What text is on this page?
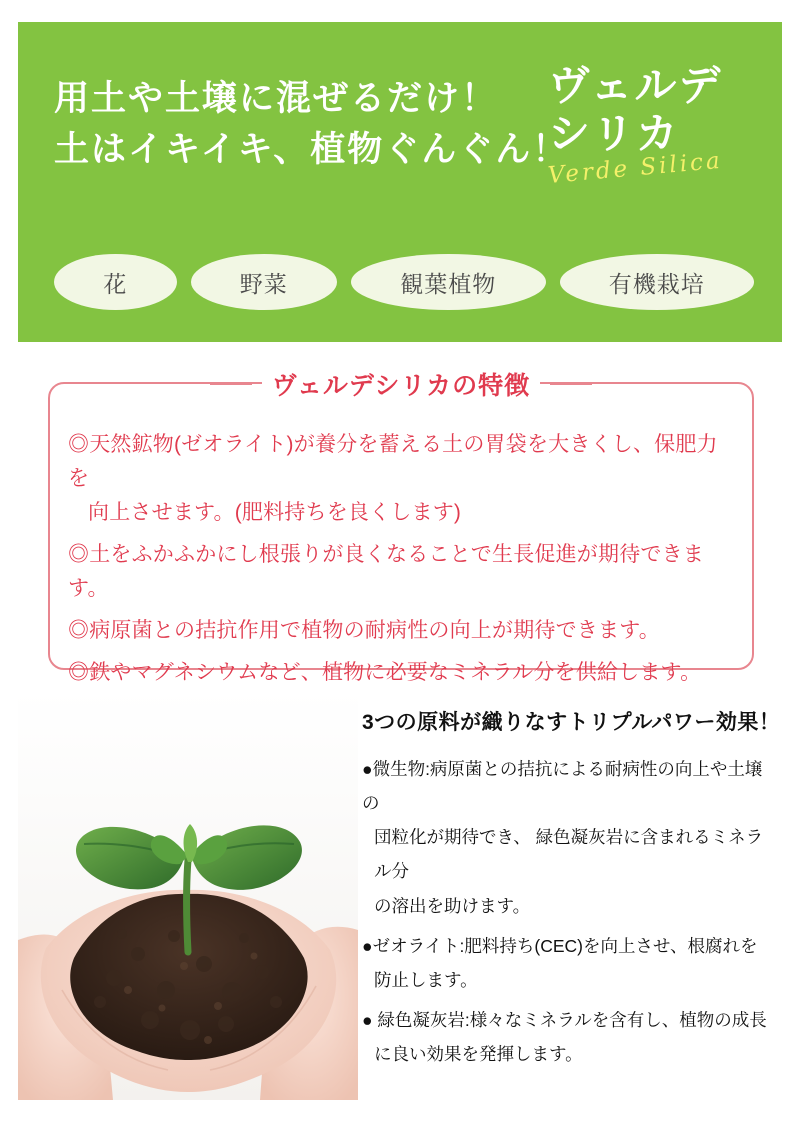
用土や土壌に混ぜるだけ！
土はイキイキ、植物ぐんぐん！
ヴェルデ
シリカ
Verde Silica
花	野菜	観葉植物	有機栽培
ヴェルデシリカの特徴
◎天然鉱物(ゼオライト)が養分を蓄える土の胃袋を大きくし、保肥力を
向上させます。(肥料持ちを良くします)
◎土をふかふかにし根張りが良くなることで生長促進が期待できます。
◎病原菌との拮抗作用で植物の耐病性の向上が期待できます。
◎鉄やマグネシウムなど、植物に必要なミネラル分を供給します。
3つの原料が織りなすトリプルパワー効果！
●微生物:病原菌との拮抗による耐病性の向上や土壌 の
団粒化が期待でき、 緑色凝灰岩に含まれるミネラ ル分
の溶出を助けます。
●ゼオライト:肥料持ち(CEC)を向上させ、根腐れを
防止します。
● 緑色凝灰岩:様々なミネラルを含有し、植物の成長
に良い効果を発揮します。
